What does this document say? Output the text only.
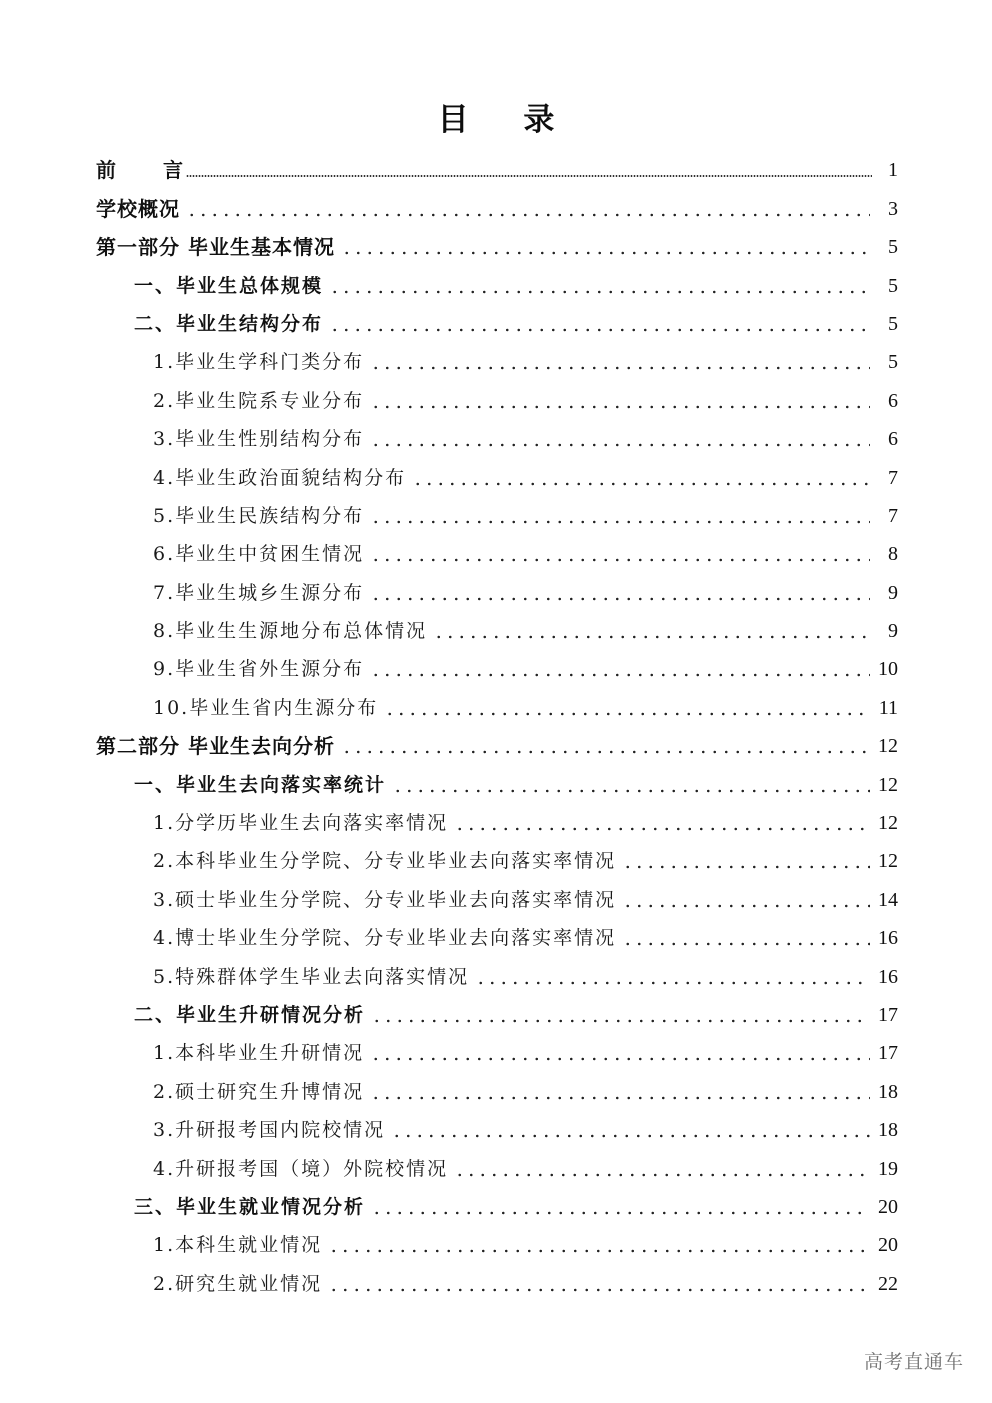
目 录
前 言	1
学校概况	3
第一部分 毕业生基本情况	5
一、毕业生总体规模	5
二、毕业生结构分布	5
1.毕业生学科门类分布	5
2.毕业生院系专业分布	6
3.毕业生性别结构分布	6
4.毕业生政治面貌结构分布	7
5.毕业生民族结构分布	7
6.毕业生中贫困生情况	8
7.毕业生城乡生源分布	9
8.毕业生生源地分布总体情况	9
9.毕业生省外生源分布	10
10.毕业生省内生源分布	11
第二部分 毕业生去向分析	12
一、毕业生去向落实率统计	12
1.分学历毕业生去向落实率情况	12
2.本科毕业生分学院、分专业毕业去向落实率情况	12
3.硕士毕业生分学院、分专业毕业去向落实率情况	14
4.博士毕业生分学院、分专业毕业去向落实率情况	16
5.特殊群体学生毕业去向落实情况	16
二、毕业生升研情况分析	17
1.本科毕业生升研情况	17
2.硕士研究生升博情况	18
3.升研报考国内院校情况	18
4.升研报考国（境）外院校情况	19
三、毕业生就业情况分析	20
1.本科生就业情况	20
2.研究生就业情况	22
高考直通车
